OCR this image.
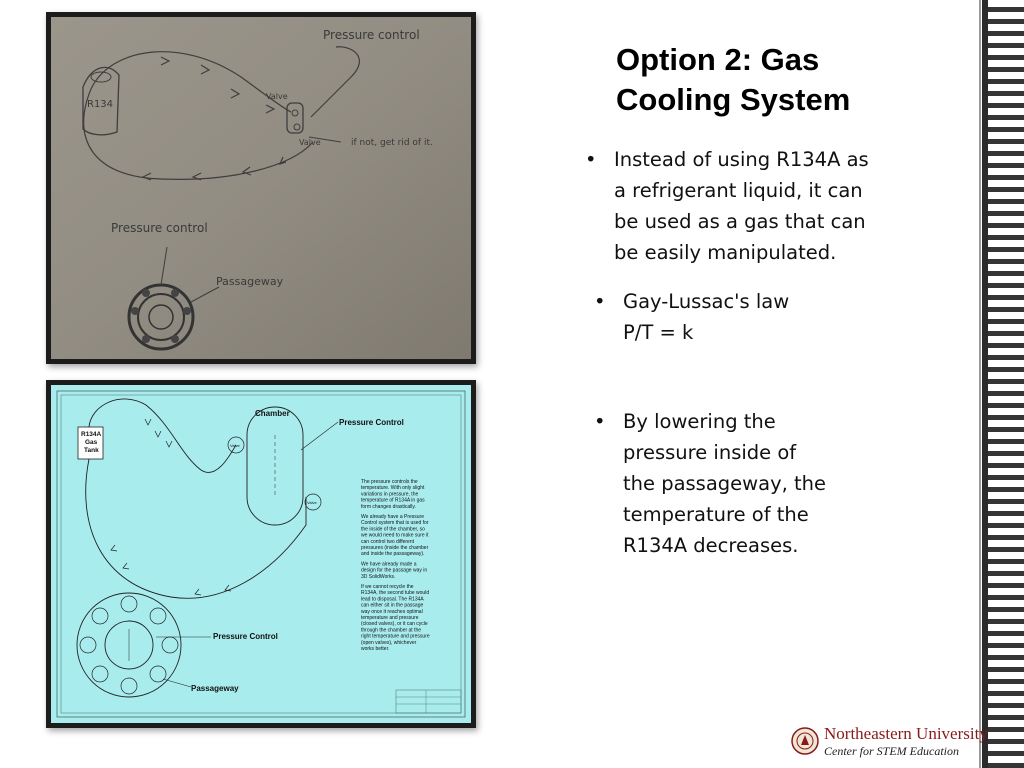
Pressure control
R134
Valve
Valve	if not, get rid of it.
Pressure control
Passageway
R134A
Gas
Tank
Valve
Valve
Chamber
Pressure Control
Pressure Control
Passageway
The pressure controls the
temperature. With only slight
variations in pressure, the
temperature of R134A in gas
form changes drastically.
We already have a Pressure
Control system that is used for
the inside of the chamber, so
we would need to make sure it
can control two different
pressures (inside the chamber
and inside the passageway).
We have already made a
design for the passage way in
3D SolidWorks.
If we cannot recycle the
R134A, the second tube would
lead to disposal. The R134A
can either sit in the passage
way once it reaches optimal
temperature and pressure
(closed valves), or it can cycle
through the chamber at the
right temperature and pressure
(open valves), whichever
works better.
Option 2: Gas
Cooling System
• Instead of using R134A as
a refrigerant liquid, it can
be used as a gas that can
be easily manipulated.
• Gay-Lussac's law
P/T = k
• By lowering the
pressure inside of
the passageway, the
temperature of the
R134A decreases.
Northeastern University
Center for STEM Education
